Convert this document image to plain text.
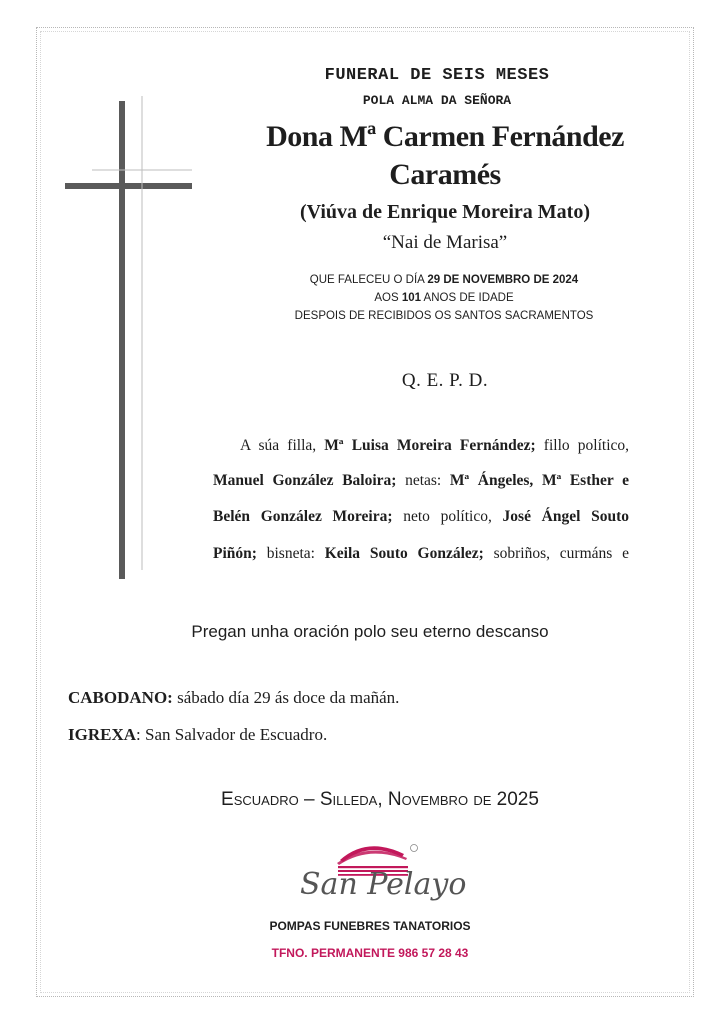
FUNERAL DE SEIS MESES
POLA ALMA DA SEÑORA
Dona Mª Carmen Fernández
Caramés
(Viúva de Enrique Moreira Mato)
“Nai de Marisa”
QUE FALECEU O DÍA 29 DE NOVEMBRO DE 2024
AOS 101 ANOS DE IDADE
DESPOIS DE RECIBIDOS OS SANTOS SACRAMENTOS
Q. E. P. D.
A súa filla, Mª Luisa Moreira Fernández; fillo político,
Manuel González Baloira; netas: Mª Ángeles, Mª Esther e
Belén González Moreira; neto político, José Ángel Souto
Piñón; bisneta: Keila Souto González; sobriños, curmáns e
Pregan unha oración polo seu eterno descanso
CABODANO: sábado día 29 ás doce da mañán.
IGREXA: San Salvador de Escuadro.
Escuadro – Silleda, Novembro de 2025
San Pelayo
POMPAS FUNEBRES TANATORIOS
TFNO. PERMANENTE 986 57 28 43
